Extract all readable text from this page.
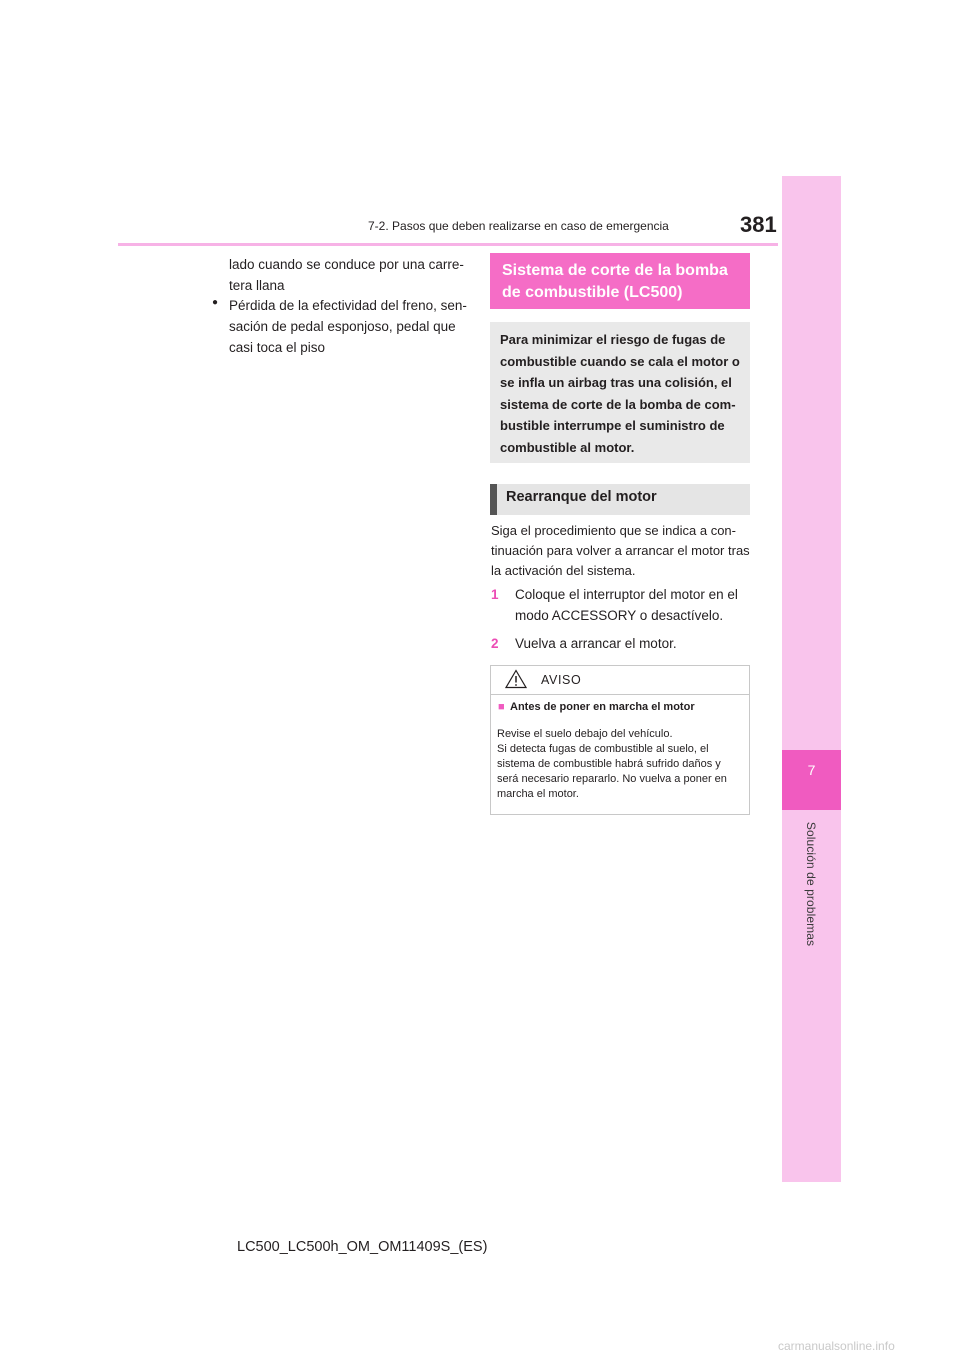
7
Solución de problemas
7-2. Pasos que deben realizarse en caso de emergencia	381
lado cuando se conduce por una carre- tera llana
● Pérdida de la efectividad del freno, sen- sación de pedal esponjoso, pedal que casi toca el piso
Sistema de corte de la bomba
de combustible (LC500)
Para minimizar el riesgo de fugas de combustible cuando se cala el motor o se infla un airbag tras una colisión, el sistema de corte de la bomba de com- bustible interrumpe el suministro de combustible al motor.
Rearranque del motor
Siga el procedimiento que se indica a con- tinuación para volver a arrancar el motor tras la activación del sistema.
1 Coloque el interruptor del motor en el modo ACCESSORY o desactívelo.
2 Vuelva a arrancar el motor.
AVISO
■ Antes de poner en marcha el motor
Revise el suelo debajo del vehículo.
Si detecta fugas de combustible al suelo, el sistema de combustible habrá sufrido daños y será necesario repararlo. No vuelva a poner en marcha el motor.
LC500_LC500h_OM_OM11409S_(ES)
carmanualsonline.info
